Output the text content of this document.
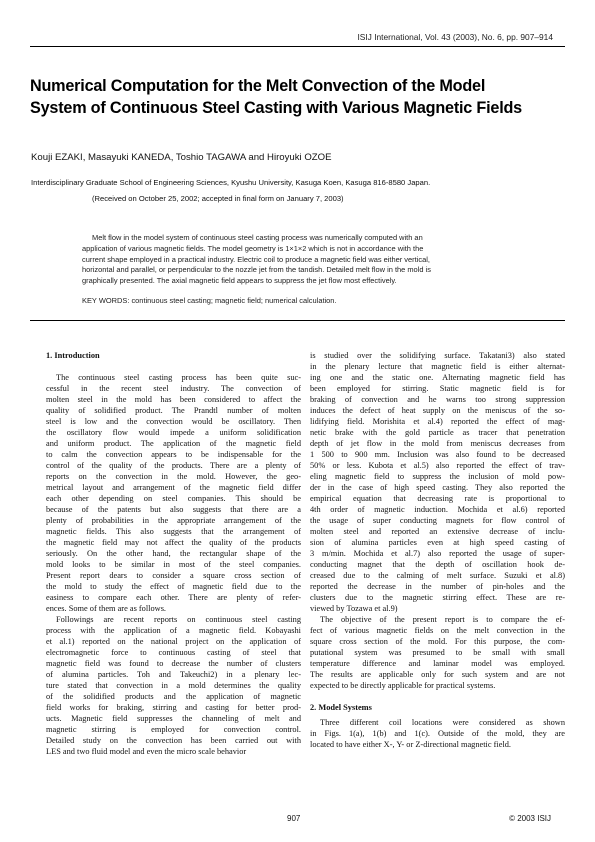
ISIJ International, Vol. 43 (2003), No. 6, pp. 907–914
Numerical Computation for the Melt Convection of the Model
System of Continuous Steel Casting with Various Magnetic Fields
Kouji EZAKI, Masayuki KANEDA, Toshio TAGAWA and Hiroyuki OZOE
Interdisciplinary Graduate School of Engineering Sciences, Kyushu University, Kasuga Koen, Kasuga 816-8580 Japan.
(Received on October 25, 2002; accepted in final form on January 7, 2003)
Melt flow in the model system of continuous steel casting process was numerically computed with an
application of various magnetic fields. The model geometry is 1×1×2 which is not in accordance with the
current shape employed in a practical industry. Electric coil to produce a magnetic field was either vertical,
horizontal and parallel, or perpendicular to the nozzle jet from the tandish. Detailed melt flow in the mold is
graphically presented. The axial magnetic field appears to suppress the jet flow most effectively.
KEY WORDS: continuous steel casting; magnetic field; numerical calculation.
1. Introduction
The continuous steel casting process has been quite suc-
cessful in the recent steel industry. The convection of
molten steel in the mold has been considered to affect the
quality of solidified product. The Prandtl number of molten
steel is low and the convection would be oscillatory. Then
the oscillatory flow would impede a uniform solidification
and uniform product. The application of the magnetic field
to calm the convection appears to be indispensable for the
control of the quality of the products. There are a plenty of
reports on the convection in the mold. However, the geo-
metrical layout and arrangement of the magnetic field differ
each other depending on steel companies. This should be
because of the patents but also suggests that there are a
plenty of probabilities in the appropriate arrangement of the
magnetic fields. This also suggests that the arrangement of
the magnetic field may not affect the quality of the products
seriously. On the other hand, the rectangular shape of the
mold looks to be similar in most of the steel companies.
Present report dears to consider a square cross section of
the mold to study the effect of magnetic field due to the
easiness to compare each other. There are plenty of refer-
ences. Some of them are as follows.
Followings are recent reports on continuous steel casting
process with the application of a magnetic field. Kobayashi
et al.1) reported on the national project on the application of
electromagnetic force to continuous casting of steel that
magnetic field was found to decrease the number of clusters
of alumina particles. Toh and Takeuchi2) in a plenary lec-
ture stated that convection in a mold determines the quality
of the solidified products and the application of magnetic
field works for braking, stirring and casting for better prod-
ucts. Magnetic field suppresses the channeling of melt and
magnetic stirring is employed for convection control.
Detailed study on the convection has been carried out with
LES and two fluid model and even the micro scale behavior
is studied over the solidifying surface. Takatani3) also stated
in the plenary lecture that magnetic field is either alternat-
ing one and the static one. Alternating magnetic field has
been employed for stirring. Static magnetic field is for
braking of convection and he warns too strong suppression
induces the defect of heat supply on the meniscus of the so-
lidifying field. Morishita et al.4) reported the effect of mag-
netic brake with the gold particle as tracer that penetration
depth of jet flow in the mold from meniscus decreases from
1 500 to 900 mm. Inclusion was also found to be decreased
50% or less. Kubota et al.5) also reported the effect of trav-
eling magnetic field to suppress the inclusion of mold pow-
der in the case of high speed casting. They also reported the
empirical equation that decreasing rate is proportional to
4th order of magnetic induction. Mochida et al.6) reported
the usage of super conducting magnets for flow control of
molten steel and reported an extensive decrease of inclu-
sion of alumina particles even at high speed casting of
3 m/min. Mochida et al.7) also reported the usage of super-
conducting magnet that the depth of oscillation hook de-
creased due to the calming of melt surface. Suzuki et al.8)
reported the decrease in the number of pin-holes and the
clusters due to the magnetic stirring effect. These are re-
viewed by Tozawa et al.9)
The objective of the present report is to compare the ef-
fect of various magnetic fields on the melt convection in the
square cross section of the mold. For this purpose, the com-
putational system was presumed to be small with small
temperature difference and laminar model was employed.
The results are applicable only for such system and are not
expected to be directly applicable for practical systems.
2. Model Systems
Three different coil locations were considered as shown
in Figs. 1(a), 1(b) and 1(c). Outside of the mold, they are
located to have either X-, Y- or Z-directional magnetic field.
907	© 2003 ISIJ
